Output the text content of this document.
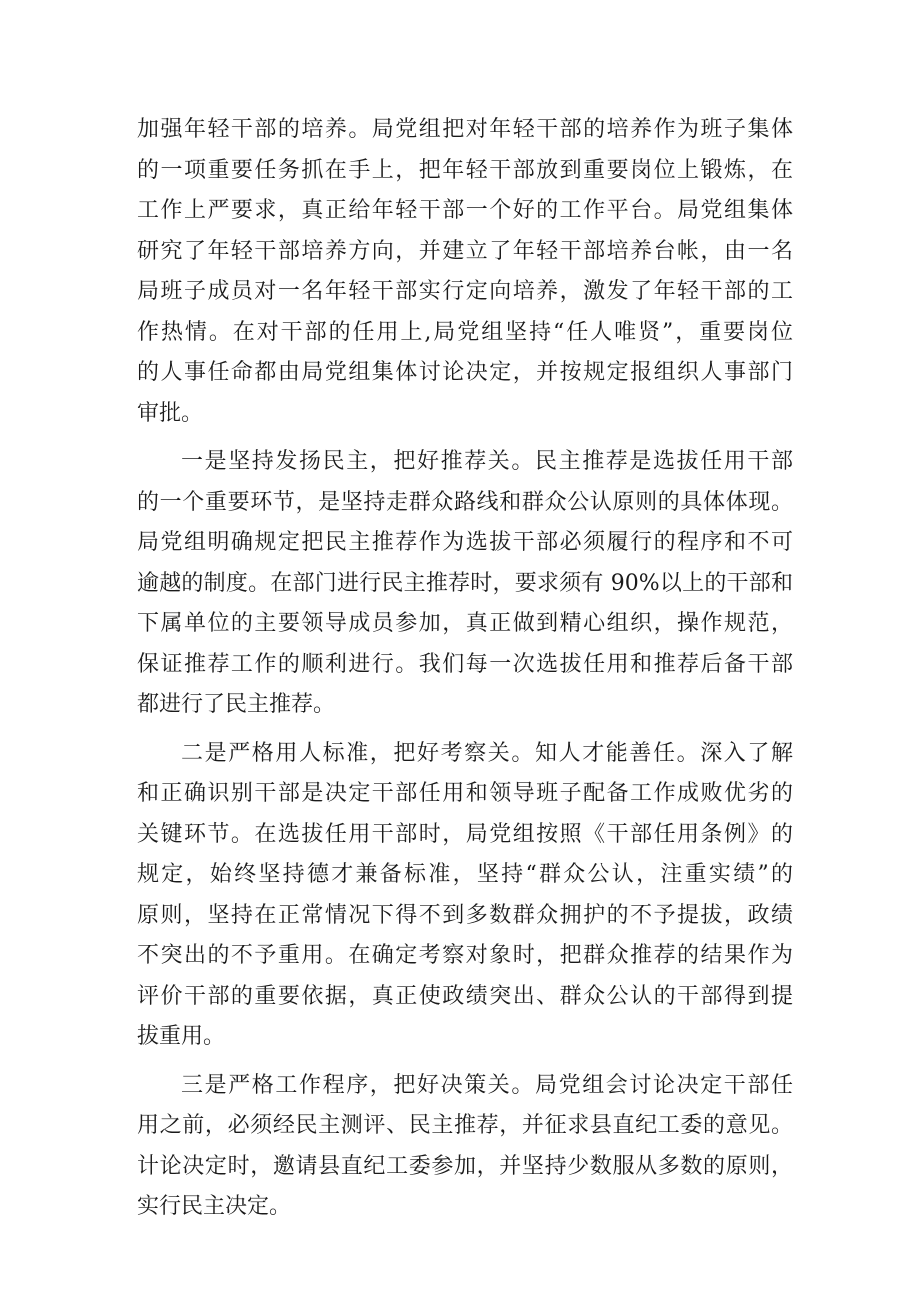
加强年轻干部的培养。局党组把对年轻干部的培养作为班子集体
的一项重要任务抓在手上，把年轻干部放到重要岗位上锻炼，在
工作上严要求，真正给年轻干部一个好的工作平台。局党组集体
研究了年轻干部培养方向，并建立了年轻干部培养台帐，由一名
局班子成员对一名年轻干部实行定向培养，激发了年轻干部的工
作热情。在对干部的任用上,局党组坚持“任人唯贤”，重要岗位
的人事任命都由局党组集体讨论决定，并按规定报组织人事部门
审批。
一是坚持发扬民主，把好推荐关。民主推荐是选拔任用干部
的一个重要环节，是坚持走群众路线和群众公认原则的具体体现。
局党组明确规定把民主推荐作为选拔干部必须履行的程序和不可
逾越的制度。在部门进行民主推荐时，要求须有 90%以上的干部和
下属单位的主要领导成员参加，真正做到精心组织，操作规范，
保证推荐工作的顺利进行。我们每一次选拔任用和推荐后备干部
都进行了民主推荐。
二是严格用人标准，把好考察关。知人才能善任。深入了解
和正确识别干部是决定干部任用和领导班子配备工作成败优劣的
关键环节。在选拔任用干部时，局党组按照《干部任用条例》的
规定，始终坚持德才兼备标准，坚持“群众公认，注重实绩”的
原则，坚持在正常情况下得不到多数群众拥护的不予提拔，政绩
不突出的不予重用。在确定考察对象时，把群众推荐的结果作为
评价干部的重要依据，真正使政绩突出、群众公认的干部得到提
拔重用。
三是严格工作程序，把好决策关。局党组会讨论决定干部任
用之前，必须经民主测评、民主推荐，并征求县直纪工委的意见。
计论决定时，邀请县直纪工委参加，并坚持少数服从多数的原则，
实行民主决定。
